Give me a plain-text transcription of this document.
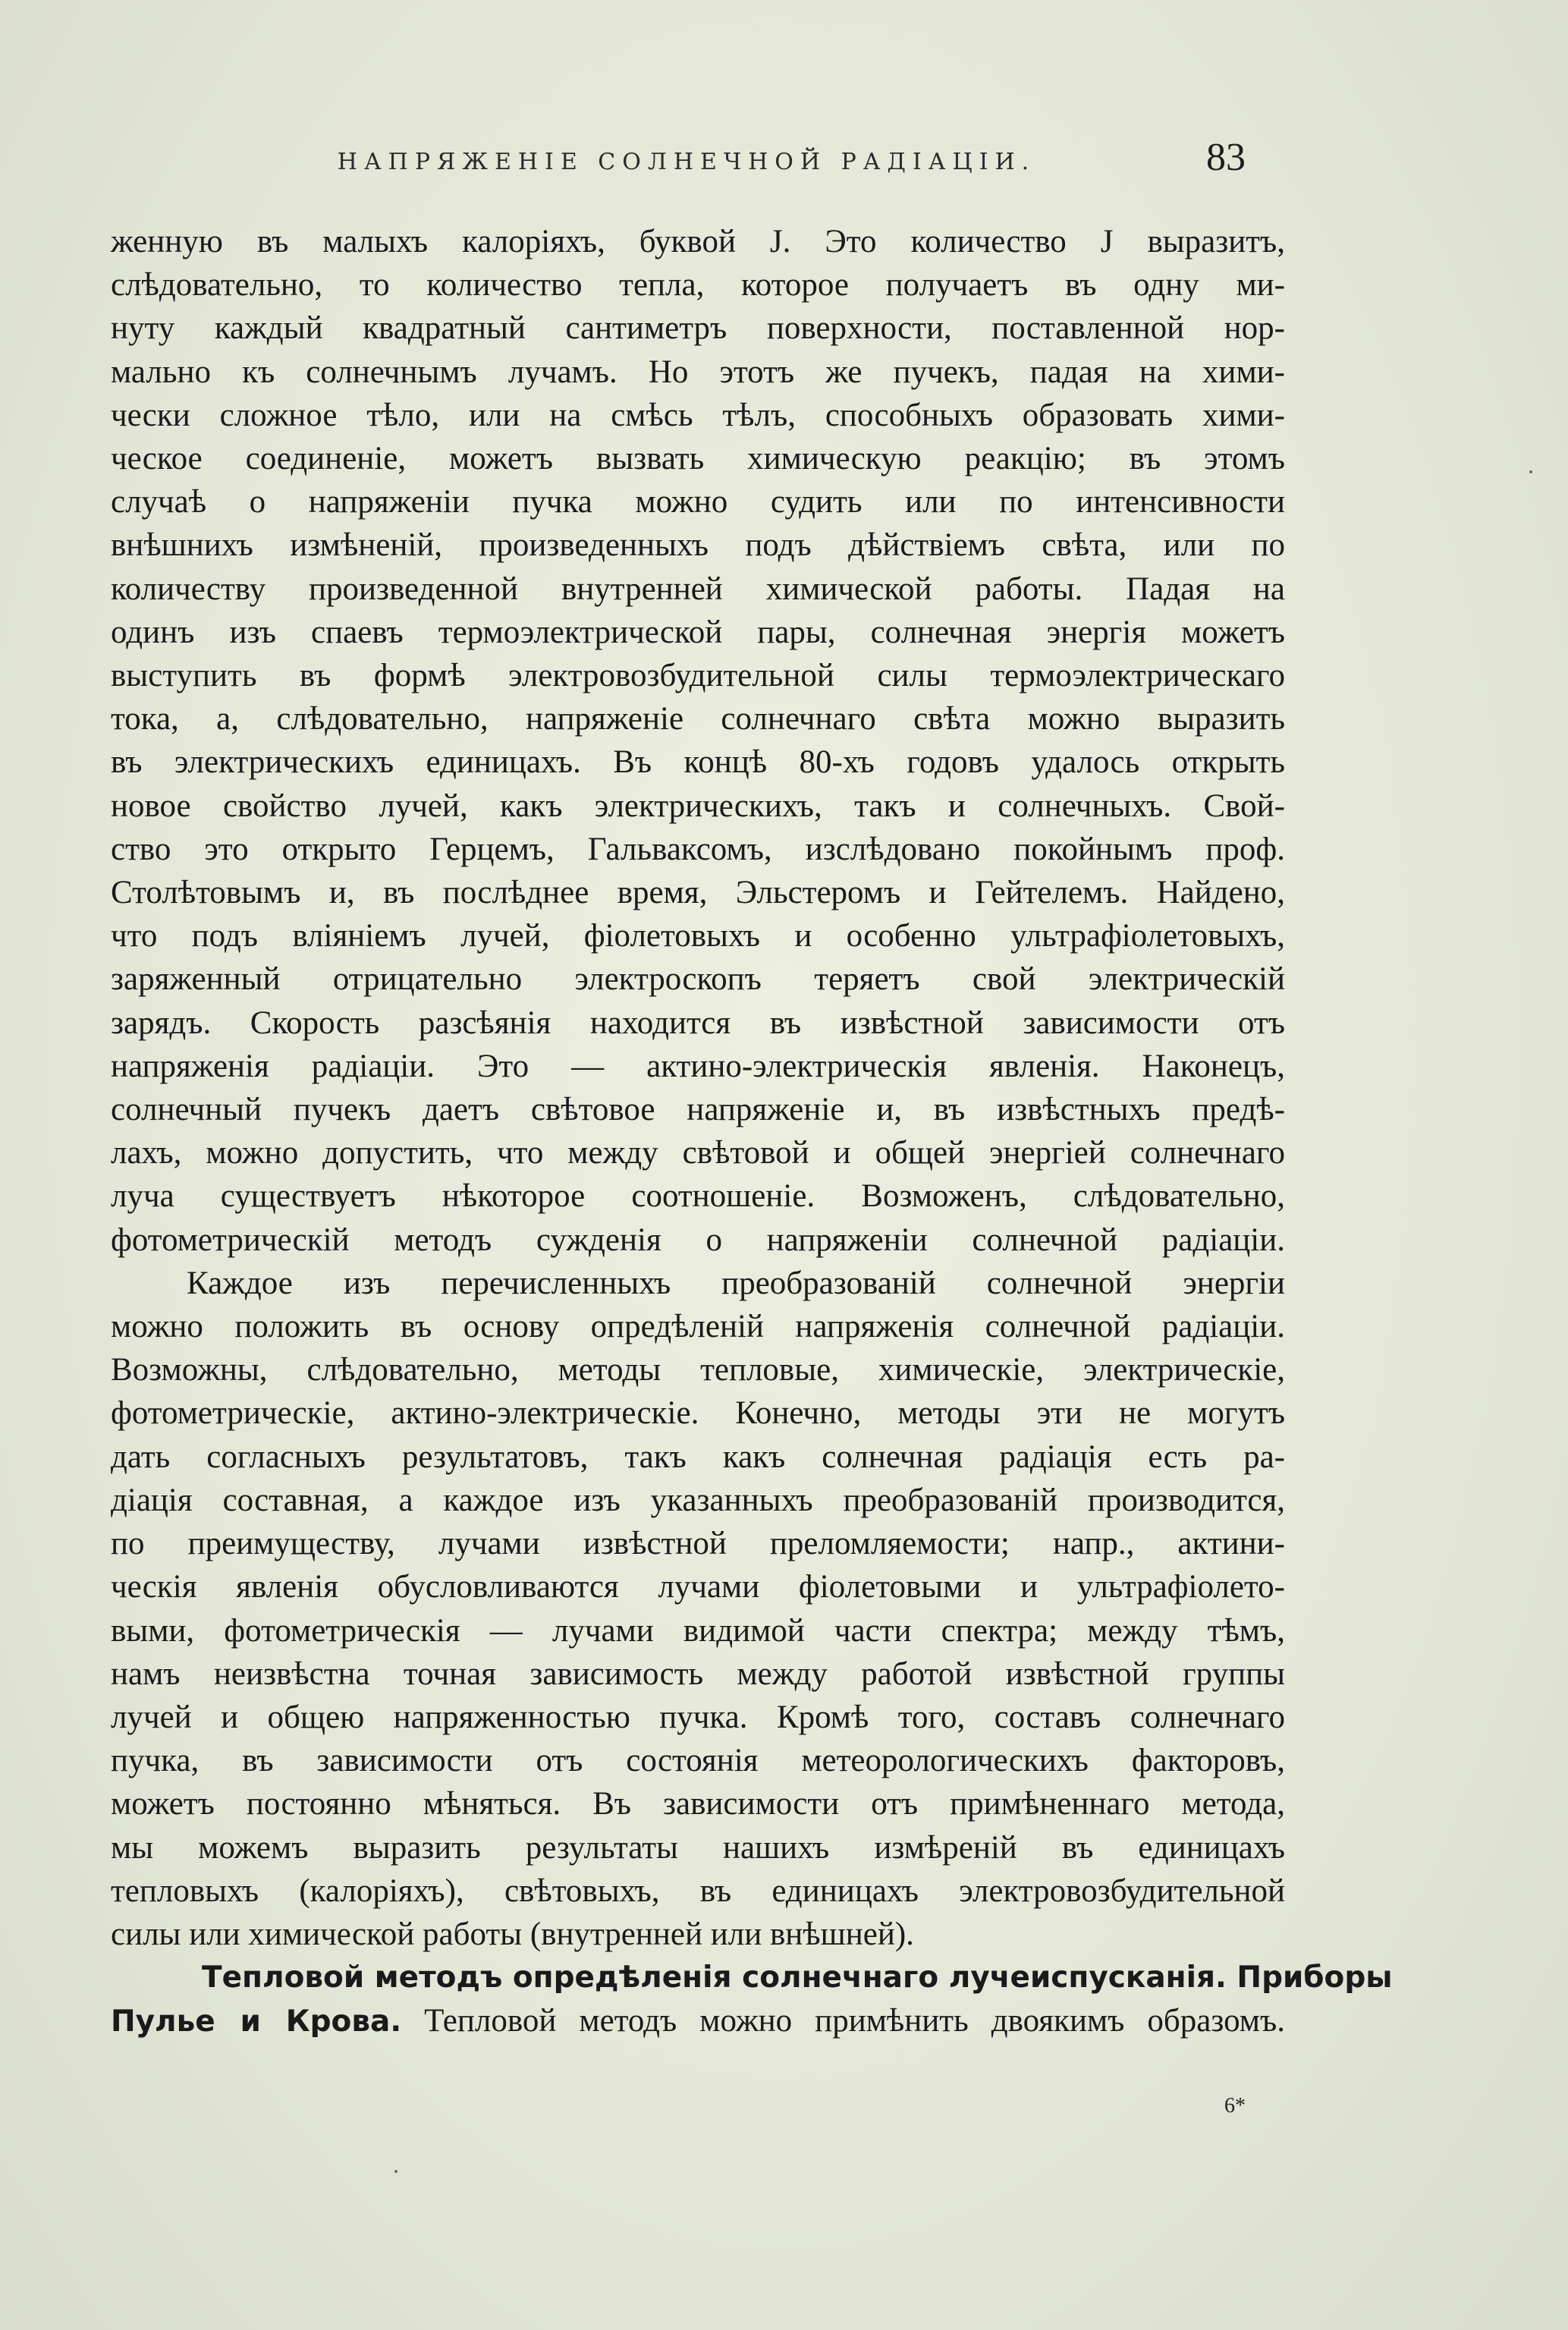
НАПРЯЖЕНІЕ СОЛНЕЧНОЙ РАДІАЦІИ.	83
женную въ малыхъ калоріяхъ, буквой J. Это количество J выразитъ,
слѣдовательно, то количество тепла, которое получаетъ въ одну ми-
нуту каждый квадратный сантиметръ поверхности, поставленной нор-
мально къ солнечнымъ лучамъ. Но этотъ же пучекъ, падая на хими-
чески сложное тѣло, или на смѣсь тѣлъ, способныхъ образовать хими-
ческое соединеніе, можетъ вызвать химическую реакцію; въ этомъ
случаѣ о напряженіи пучка можно судить или по интенсивности
внѣшнихъ измѣненій, произведенныхъ подъ дѣйствіемъ свѣта, или по
количеству произведенной внутренней химической работы. Падая на
одинъ изъ спаевъ термоэлектрической пары, солнечная энергія можетъ
выступить въ формѣ электровозбудительной силы термоэлектрическаго
тока, а, слѣдовательно, напряженіе солнечнаго свѣта можно выразить
въ электрическихъ единицахъ. Въ концѣ 80-хъ годовъ удалось открыть
новое свойство лучей, какъ электрическихъ, такъ и солнечныхъ. Свой-
ство это открыто Герцемъ, Гальваксомъ, изслѣдовано покойнымъ проф.
Столѣтовымъ и, въ послѣднее время, Эльстеромъ и Гейтелемъ. Найдено,
что подъ вліяніемъ лучей, фіолетовыхъ и особенно ультрафіолетовыхъ,
заряженный отрицательно электроскопъ теряетъ свой электрическій
зарядъ. Скорость разсѣянія находится въ извѣстной зависимости отъ
напряженія радіаціи. Это — актино-электрическія явленія. Наконецъ,
солнечный пучекъ даетъ свѣтовое напряженіе и, въ извѣстныхъ предѣ-
лахъ, можно допустить, что между свѣтовой и общей энергіей солнечнаго
луча существуетъ нѣкоторое соотношеніе. Возможенъ, слѣдовательно,
фотометрическій методъ сужденія о напряженіи солнечной радіаціи.
Каждое изъ перечисленныхъ преобразованій солнечной энергіи
можно положить въ основу опредѣленій напряженія солнечной радіаціи.
Возможны, слѣдовательно, методы тепловые, химическіе, электрическіе,
фотометрическіе, актино-электрическіе. Конечно, методы эти не могутъ
дать согласныхъ результатовъ, такъ какъ солнечная радіація есть ра-
діація составная, а каждое изъ указанныхъ преобразованій производится,
по преимуществу, лучами извѣстной преломляемости; напр., актини-
ческія явленія обусловливаются лучами фіолетовыми и ультрафіолето-
выми, фотометрическія — лучами видимой части спектра; между тѣмъ,
намъ неизвѣстна точная зависимость между работой извѣстной группы
лучей и общею напряженностью пучка. Кромѣ того, составъ солнечнаго
пучка, въ зависимости отъ состоянія метеорологическихъ факторовъ,
можетъ постоянно мѣняться. Въ зависимости отъ примѣненнаго метода,
мы можемъ выразить результаты нашихъ измѣреній въ единицахъ
тепловыхъ (калоріяхъ), свѣтовыхъ, въ единицахъ электровозбудительной
силы или химической работы (внутренней или внѣшней).
Тепловой методъ опредѣленія солнечнаго лучеиспусканія. Приборы
Пульe и Крова. Тепловой методъ можно примѣнить двоякимъ образомъ.
6*
